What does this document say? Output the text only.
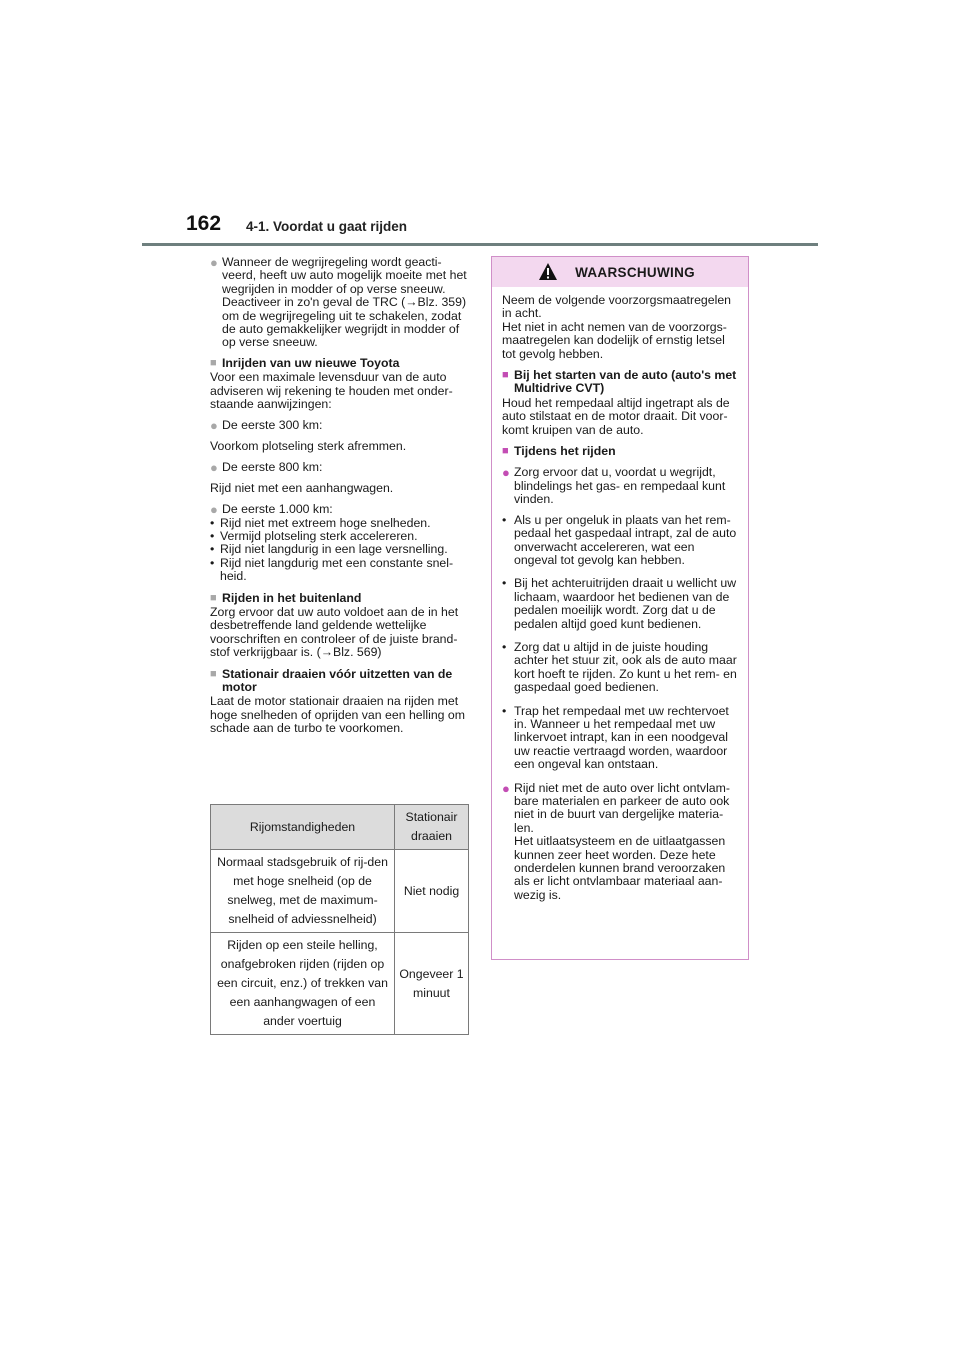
162 4-1. Voordat u gaat rijden
● Wanneer de wegrijregeling wordt geacti-veerd, heeft uw auto mogelijk moeite met het wegrijden in modder of op verse sneeuw. Deactiveer in zo'n geval de TRC (→Blz. 359) om de wegrijregeling uit te schakelen, zodat de auto gemakkelijker wegrijdt in modder of op verse sneeuw.
■ Inrijden van uw nieuwe Toyota

Voor een maximale levensduur van de auto adviseren wij rekening te houden met onder-staande aanwijzingen:

● De eerste 300 km:

Voorkom plotseling sterk afremmen.

● De eerste 800 km:

Rijd niet met een aanhangwagen.

● De eerste 1.000 km:
• Rijd niet met extreem hoge snelheden.
• Vermijd plotseling sterk accelereren.
• Rijd niet langdurig in een lage versnelling.
• Rijd niet langdurig met een constante snel-heid.
■ Rijden in het buitenland

Zorg ervoor dat uw auto voldoet aan de in het desbetreffende land geldende wettelijke voorschriften en controleer of de juiste brand-stof verkrijgbaar is. (→Blz. 569)

■ Stationair draaien vóór uitzetten van de motor

Laat de motor stationair draaien na rijden met hoge snelheden of oprijden van een helling om schade aan de turbo te voorkomen.

Rijomstandigheden	Stationair draaien
Normaal stadsgebruik of rij-den met hoge snelheid (op de snelweg, met de maximum-snelheid of adviessnelheid)	Niet nodig
Rijden op een steile helling, onafgebroken rijden (rijden op een circuit, enz.) of trekken van een aanhangwagen of een ander voertuig	Ongeveer 1 minuut
WAARSCHUWING

Neem de volgende voorzorgsmaatregelen in acht.

Het niet in acht nemen van de voorzorgs-maatregelen kan dodelijk of ernstig letsel tot gevolg hebben.

■ Bij het starten van de auto (auto's met Multidrive CVT)

Houd het rempedaal altijd ingetrapt als de auto stilstaat en de motor draait. Dit voor-komt kruipen van de auto.

■ Tijdens het rijden
● Zorg ervoor dat u, voordat u wegrijdt, blindelings het gas- en rempedaal kunt vinden.
• Als u per ongeluk in plaats van het rem-pedaal het gaspedaal intrapt, zal de auto onverwacht accelereren, wat een ongeval tot gevolg kan hebben.
• Bij het achteruitrijden draait u wellicht uw lichaam, waardoor het bedienen van de pedalen moeilijk wordt. Zorg dat u de pedalen altijd goed kunt bedienen.
• Zorg dat u altijd in de juiste houding achter het stuur zit, ook als de auto maar kort hoeft te rijden. Zo kunt u het rem- en gaspedaal goed bedienen.
• Trap het rempedaal met uw rechtervoet in. Wanneer u het rempedaal met uw linkervoet intrapt, kan in een noodgeval uw reactie vertraagd worden, waardoor een ongeval kan ontstaan.
● Rijd niet met de auto over licht ontvlam-bare materialen en parkeer de auto ook niet in de buurt van dergelijke materia-len.
Het uitlaatsysteem en de uitlaatgassen kunnen zeer heet worden. Deze hete onderdelen kunnen brand veroorzaken als er licht ontvlambaar materiaal aan-wezig is.
